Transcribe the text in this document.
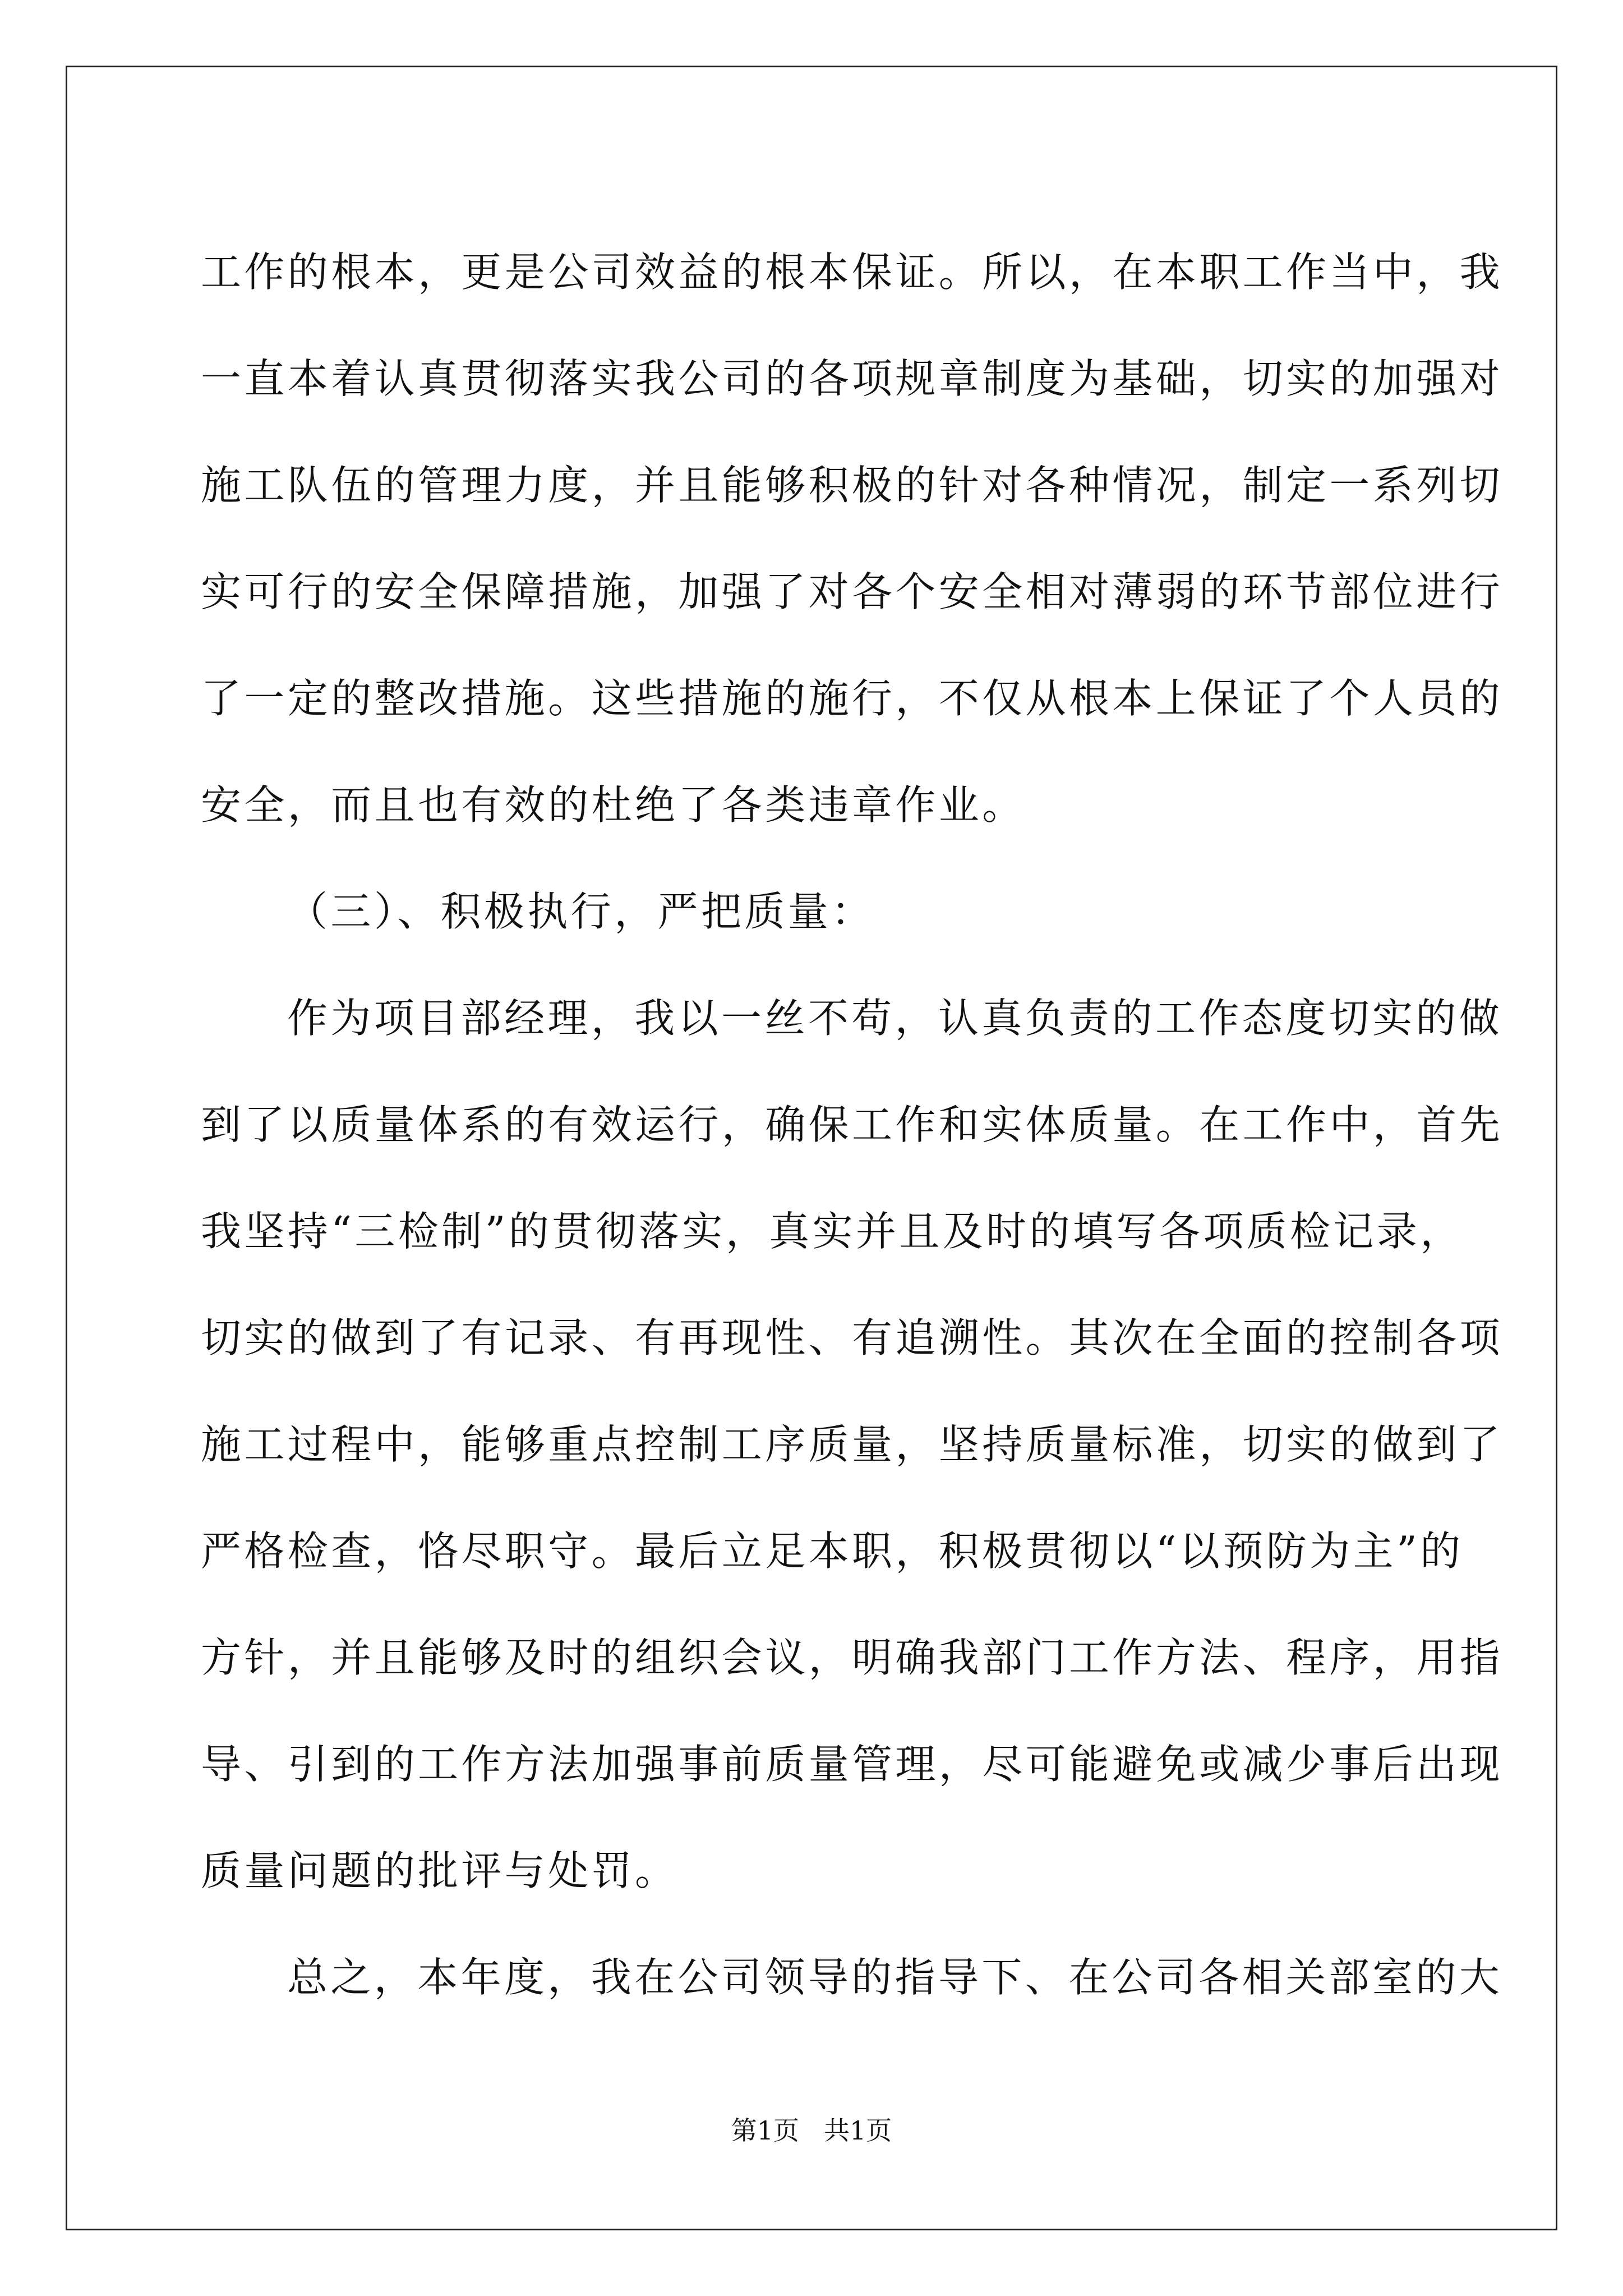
工作的根本，更是公司效益的根本保证。所以，在本职工作当中，我
一直本着认真贯彻落实我公司的各项规章制度为基础，切实的加强对
施工队伍的管理力度，并且能够积极的针对各种情况，制定一系列切
实可行的安全保障措施，加强了对各个安全相对薄弱的环节部位进行
了一定的整改措施。这些措施的施行，不仅从根本上保证了个人员的
安全，而且也有效的杜绝了各类违章作业。
（三）、积极执行，严把质量：
作为项目部经理，我以一丝不苟，认真负责的工作态度切实的做
到了以质量体系的有效运行，确保工作和实体质量。在工作中，首先
我坚持“三检制”的贯彻落实，真实并且及时的填写各项质检记录，
切实的做到了有记录、有再现性、有追溯性。其次在全面的控制各项
施工过程中，能够重点控制工序质量，坚持质量标准，切实的做到了
严格检查，恪尽职守。最后立足本职，积极贯彻以“以预防为主”的
方针，并且能够及时的组织会议，明确我部门工作方法、程序，用指
导、引到的工作方法加强事前质量管理，尽可能避免或减少事后出现
质量问题的批评与处罚。
总之，本年度，我在公司领导的指导下、在公司各相关部室的大
第1页 共1页
